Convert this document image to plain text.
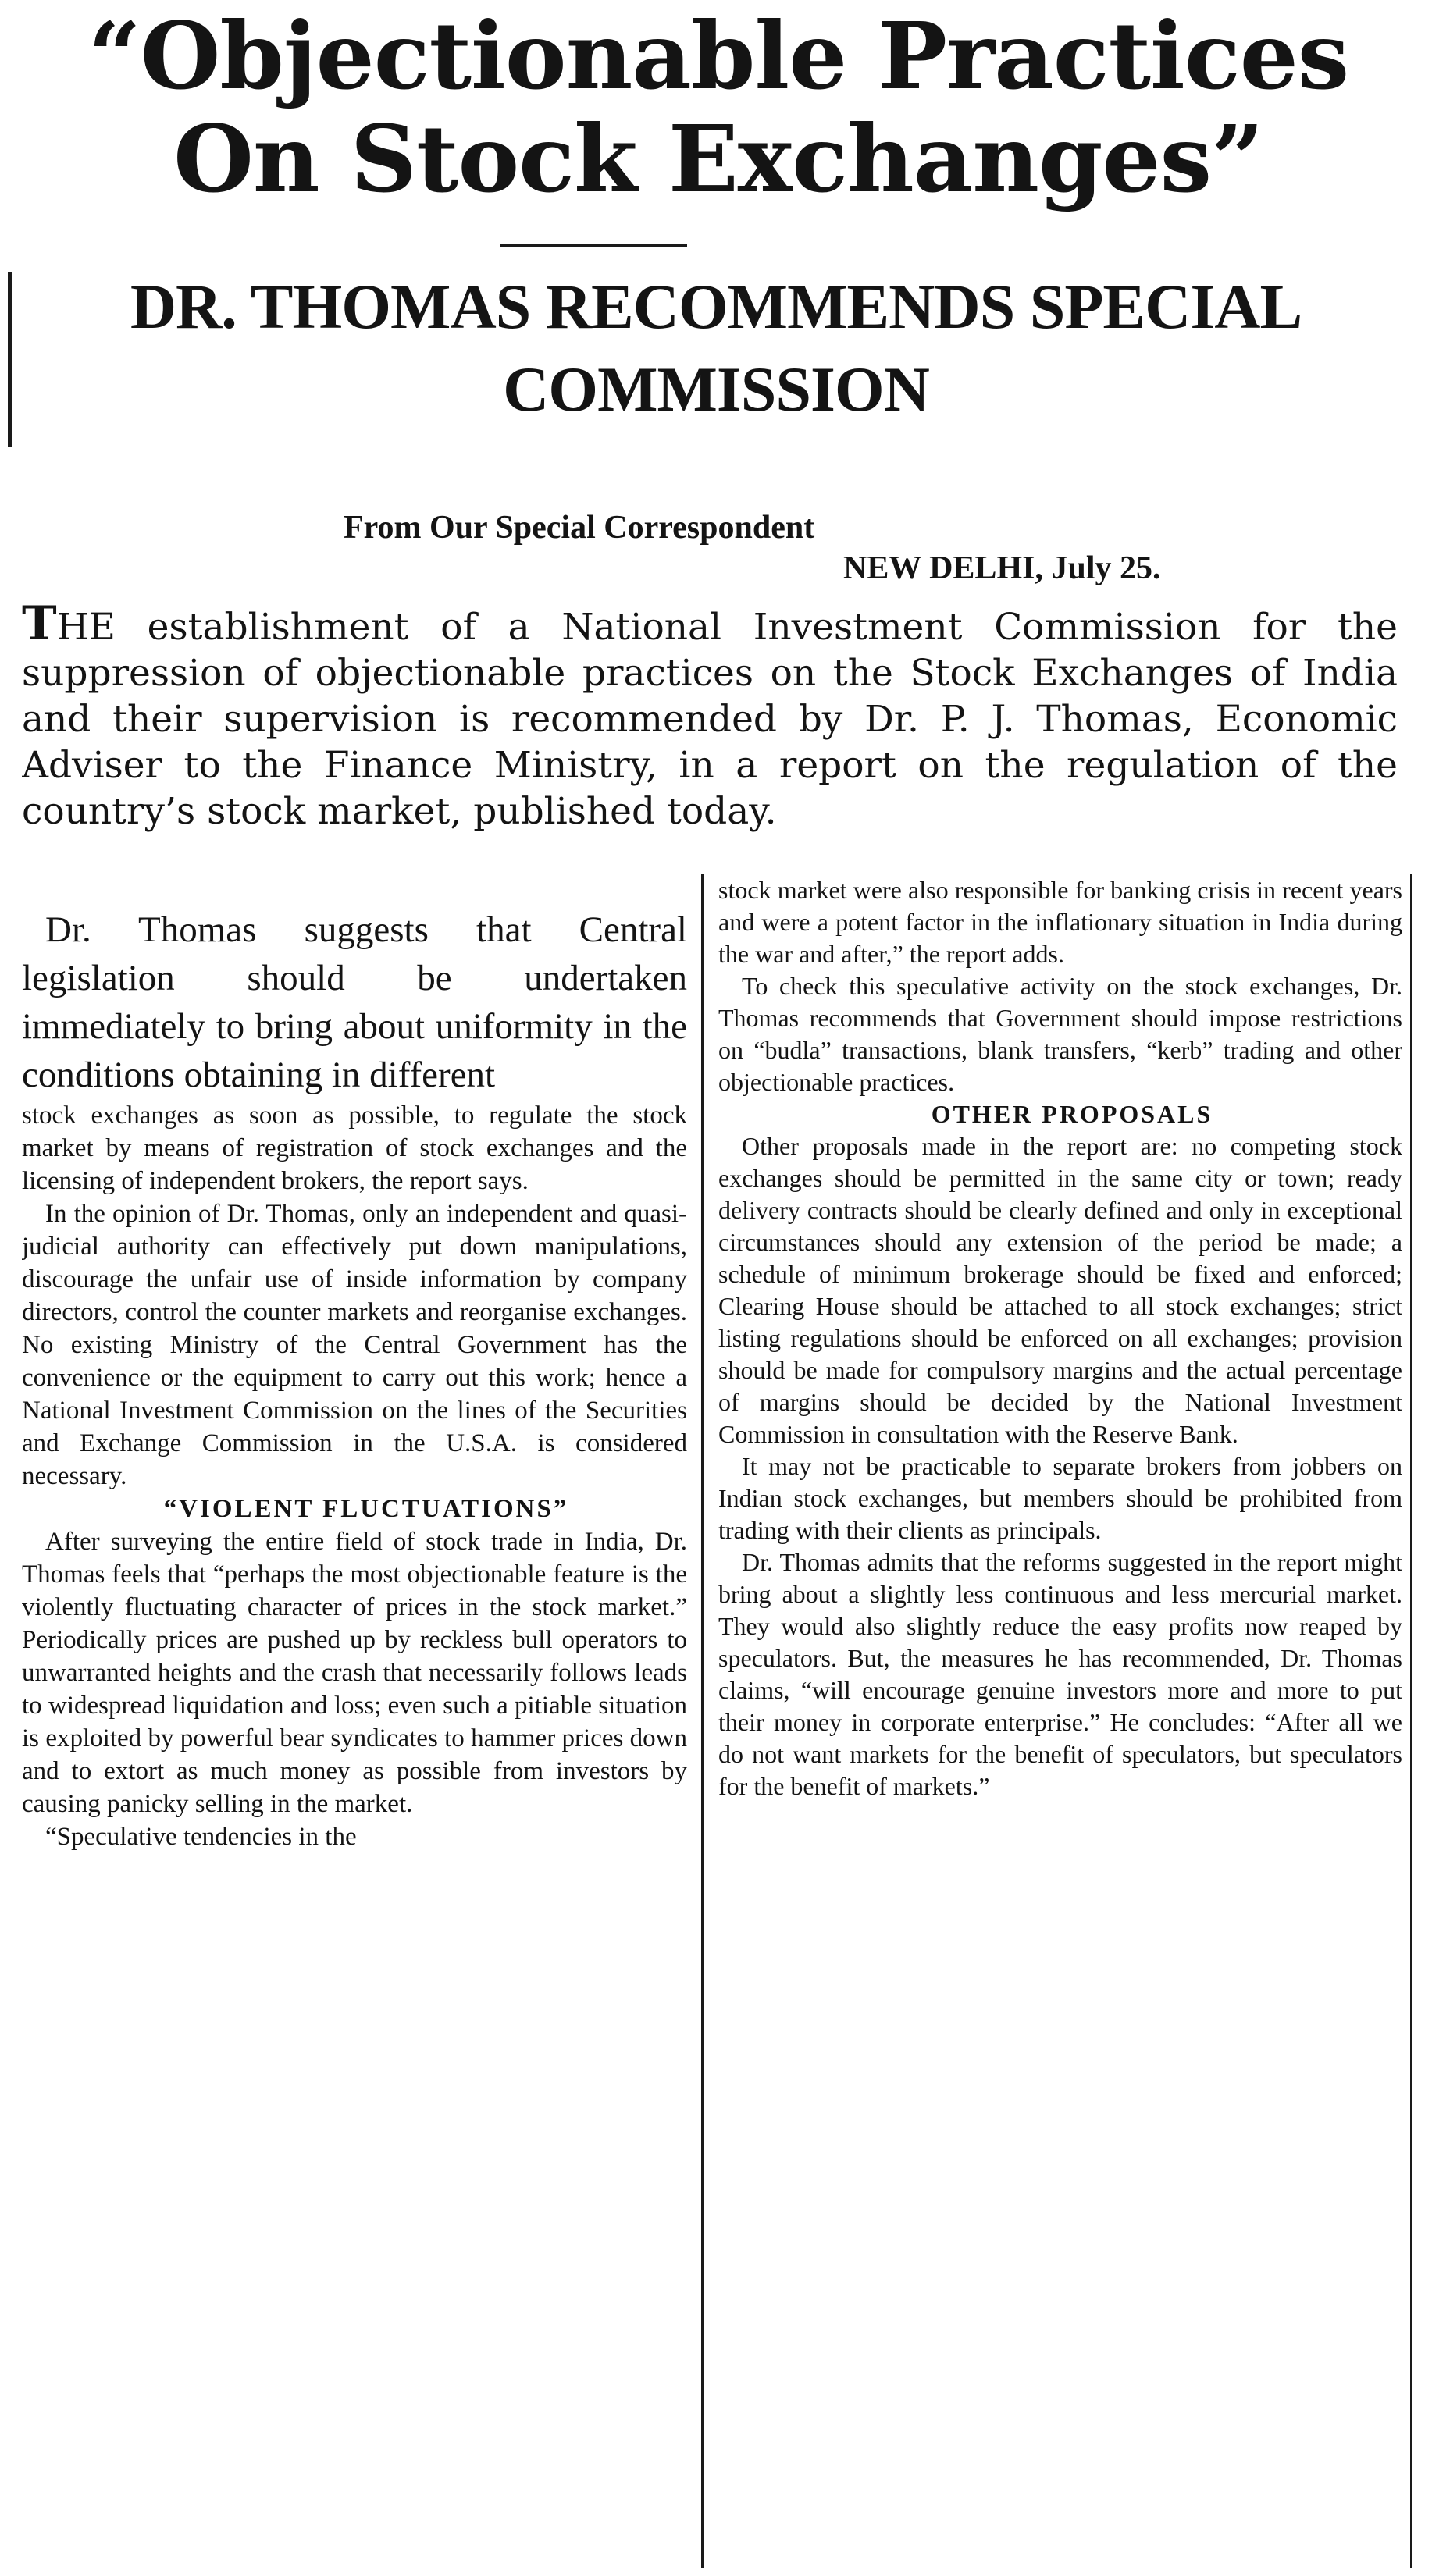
“Objectionable Practices On Stock Exchanges”
DR. THOMAS RECOMMENDS SPECIAL COMMISSION
From Our Special Correspondent
NEW DELHI, July 25.

THE establishment of a National Investment Commission for the suppression of objectionable practices on the Stock Exchanges of India and their supervision is recommended by Dr. P. J. Thomas, Economic Adviser to the Finance Ministry, in a report on the regulation of the country’s stock market, published today.

Dr. Thomas suggests that Central legislation should be undertaken immediately to bring about uniformity in the conditions obtaining in different

stock exchanges as soon as possible, to regulate the stock market by means of registration of stock exchanges and the licensing of independent brokers, the report says.

In the opinion of Dr. Thomas, only an independent and quasi-judicial authority can effectively put down manipulations, discourage the unfair use of inside information by company directors, control the counter markets and reorganise exchanges. No existing Ministry of the Central Government has the convenience or the equipment to carry out this work; hence a National Investment Commission on the lines of the Securities and Exchange Commission in the U.S.A. is considered necessary.

“VIOLENT FLUCTUATIONS”

After surveying the entire field of stock trade in India, Dr. Thomas feels that “perhaps the most objectionable feature is the violently fluctuating character of prices in the stock market.” Periodically prices are pushed up by reckless bull operators to unwarranted heights and the crash that necessarily follows leads to widespread liquidation and loss; even such a pitiable situation is exploited by powerful bear syndicates to hammer prices down and to extort as much money as possible from investors by causing panicky selling in the market.

“Speculative tendencies in the

stock market were also responsible for banking crisis in recent years and were a potent factor in the inflationary situation in India during the war and after,” the report adds.

To check this speculative activity on the stock exchanges, Dr. Thomas recommends that Government should impose restrictions on “budla” transactions, blank transfers, “kerb” trading and other objectionable practices.

OTHER PROPOSALS

Other proposals made in the report are: no competing stock exchanges should be permitted in the same city or town; ready delivery contracts should be clearly defined and only in exceptional circumstances should any extension of the period be made; a schedule of minimum brokerage should be fixed and enforced; Clearing House should be attached to all stock exchanges; strict listing regulations should be enforced on all exchanges; provision should be made for compulsory margins and the actual percentage of margins should be decided by the National Investment Commission in consultation with the Reserve Bank.

It may not be practicable to separate brokers from jobbers on Indian stock exchanges, but members should be prohibited from trading with their clients as principals.

Dr. Thomas admits that the reforms suggested in the report might bring about a slightly less continuous and less mercurial market. They would also slightly reduce the easy profits now reaped by speculators. But, the measures he has recommended, Dr. Thomas claims, “will encourage genuine investors more and more to put their money in corporate enterprise.” He concludes: “After all we do not want markets for the benefit of speculators, but speculators for the benefit of markets.”
